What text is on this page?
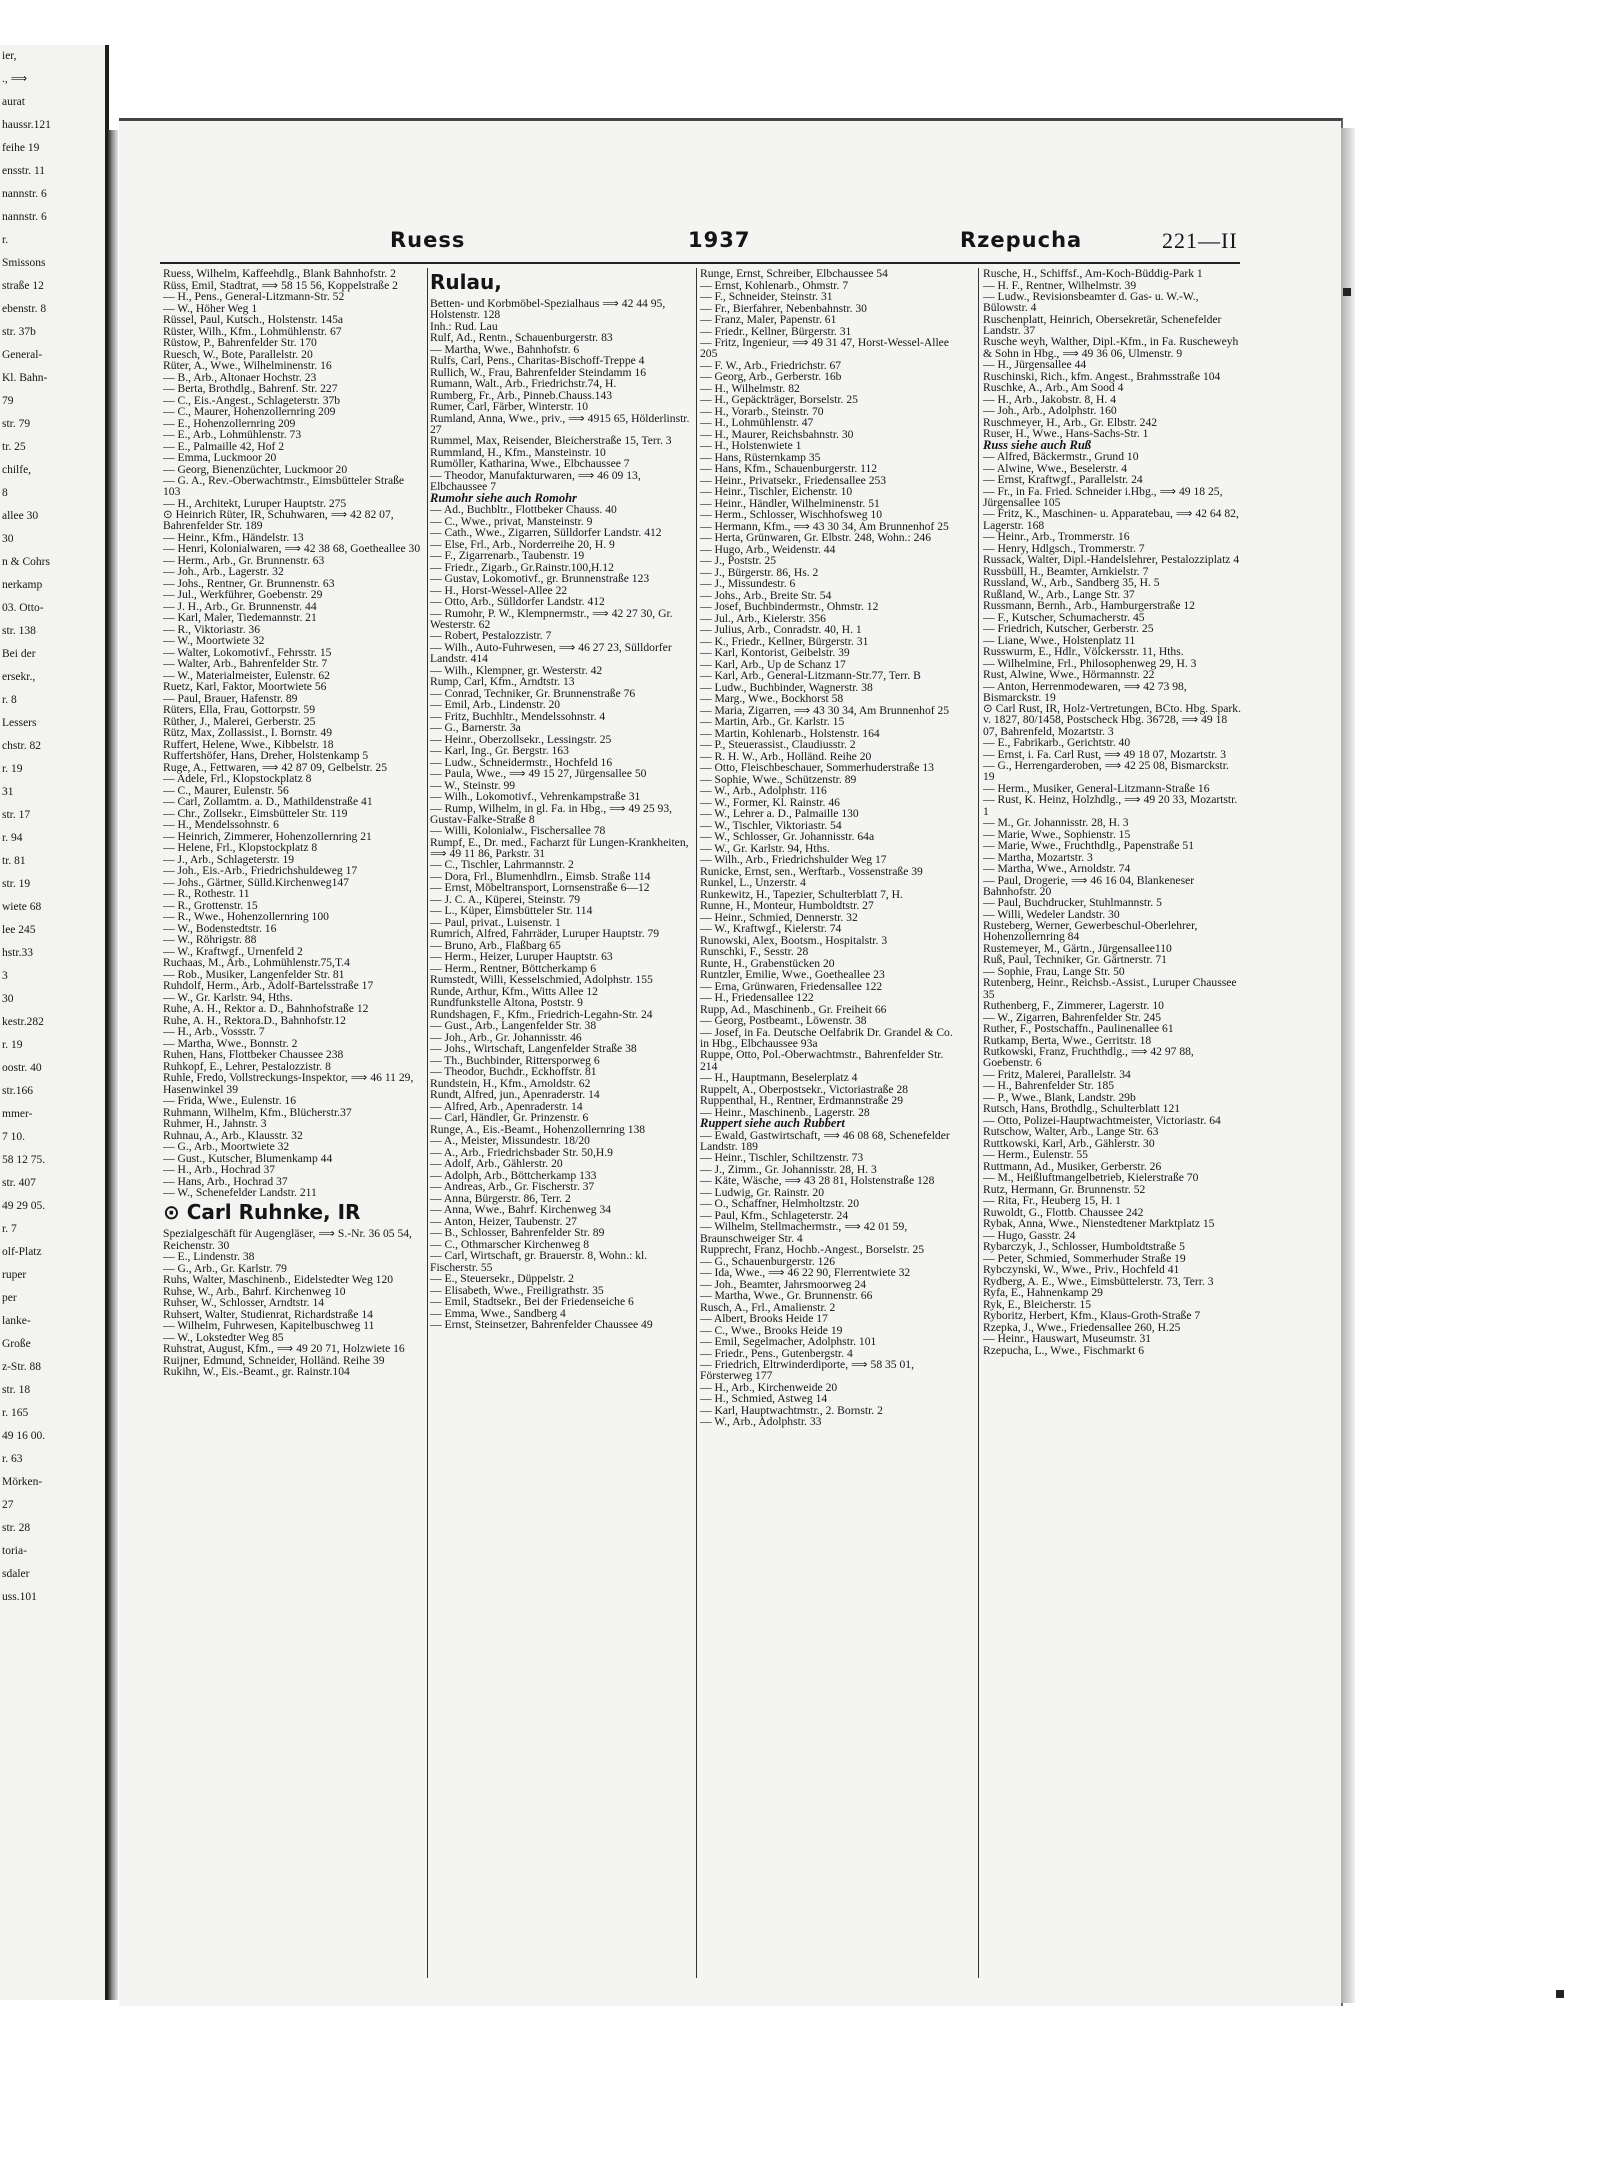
ier,
., ⟹
aurat
haussr.121
feihe 19
ensstr. 11
nannstr. 6
nannstr. 6
r.
Smissons
straße 12
ebenstr. 8
str. 37b
General-
Kl. Bahn-
79
str. 79
tr. 25
chilfe,
8
allee 30
30
n & Cohrs
nerkamp
03. Otto-
str. 138
Bei der
ersekr.,
r. 8
Lessers
chstr. 82
r. 19
31
str. 17
r. 94
tr. 81
str. 19
wiete 68
lee 245
hstr.33
3
30
kestr.282
r. 19
oostr. 40
str.166
mmer-
7 10.
58 12 75.
str. 407
49 29 05.
r. 7
olf-Platz
ruper
per
lanke-
Große
z-Str. 88
str. 18
r. 165
49 16 00.
r. 63
Mörken-
27
str. 28
toria-
sdaler
uss.101
Ruess	1937	Rzepucha	221—II
Ruess, Wilhelm, Kaffeehdlg., Blank Bahnhofstr. 2
Rüss, Emil, Stadtrat, ⟹ 58 15 56, Koppelstraße 2
— H., Pens., General-Litzmann-Str. 52
— W., Höher Weg 1
Rüssel, Paul, Kutsch., Holstenstr. 145a
Rüster, Wilh., Kfm., Lohmühlenstr. 67
Rüstow, P., Bahrenfelder Str. 170
Ruesch, W., Bote, Parallelstr. 20
Rüter, A., Wwe., Wilhelminenstr. 16
— B., Arb., Altonaer Hochstr. 23
— Berta, Brothdlg., Bahrenf. Str. 227
— C., Eis.-Angest., Schlageterstr. 37b
— C., Maurer, Hohenzollernring 209
— E., Hohenzollernring 209
— E., Arb., Lohmühlenstr. 73
— E., Palmaille 42, Hof 2
— Emma, Luckmoor 20
— Georg, Bienenzüchter, Luckmoor 20
— G. A., Rev.-Oberwachtmstr., Eimsbütteler Straße 103
— H., Architekt, Luruper Hauptstr. 275
⊙ Heinrich Rüter, IR, Schuhwaren, ⟹ 42 82 07, Bahrenfelder Str. 189
— Heinr., Kfm., Händelstr. 13
— Henri, Kolonialwaren, ⟹ 42 38 68, Goetheallee 30
— Herm., Arb., Gr. Brunnenstr. 63
— Joh., Arb., Lagerstr. 32
— Johs., Rentner, Gr. Brunnenstr. 63
— Jul., Werkführer, Goebenstr. 29
— J. H., Arb., Gr. Brunnenstr. 44
— Karl, Maler, Tiedemannstr. 21
— R., Viktoriastr. 36
— W., Moortwiete 32
— Walter, Lokomotivf., Fehrsstr. 15
— Walter, Arb., Bahrenfelder Str. 7
— W., Materialmeister, Eulenstr. 62
Ruetz, Karl, Faktor, Moortwiete 56
— Paul, Brauer, Hafenstr. 89
Rüters, Ella, Frau, Gottorpstr. 59
Rüther, J., Malerei, Gerberstr. 25
Rütz, Max, Zollassist., I. Bornstr. 49
Ruffert, Helene, Wwe., Kibbelstr. 18
Ruffertshöfer, Hans, Dreher, Holstenkamp 5
Ruge, A., Fettwaren, ⟹ 42 87 09, Gelbelstr. 25
— Adele, Frl., Klopstockplatz 8
— C., Maurer, Eulenstr. 56
— Carl, Zollamtm. a. D., Mathildenstraße 41
— Chr., Zollsekr., Eimsbütteler Str. 119
— H., Mendelssohnstr. 6
— Heinrich, Zimmerer, Hohenzollernring 21
— Helene, Frl., Klopstockplatz 8
— J., Arb., Schlageterstr. 19
— Joh., Eis.-Arb., Friedrichshuldeweg 17
— Johs., Gärtner, Sülld.Kirchenweg147
— R., Rothestr. 11
— R., Grottenstr. 15
— R., Wwe., Hohenzollernring 100
— W., Bodenstedtstr. 16
— W., Röhrigstr. 88
— W., Kraftwgf., Urnenfeld 2
Ruchaas, M., Arb., Lohmühlenstr.75,T.4
— Rob., Musiker, Langenfelder Str. 81
Ruhdolf, Herm., Arb., Adolf-Bartelsstraße 17
— W., Gr. Karlstr. 94, Hths.
Ruhe, A. H., Rektor a. D., Bahnhofstraße 12
Ruhe, A. H., Rektora.D., Bahnhofstr.12
— H., Arb., Vossstr. 7
— Martha, Wwe., Bonnstr. 2
Ruhen, Hans, Flottbeker Chaussee 238
Ruhkopf, E., Lehrer, Pestalozzistr. 8
Ruhle, Fredo, Vollstreckungs-Inspektor, ⟹ 46 11 29, Hasenwinkel 39
— Frida, Wwe., Eulenstr. 16
Ruhmann, Wilhelm, Kfm., Blücherstr.37
Ruhmer, H., Jahnstr. 3
Ruhnau, A., Arb., Klausstr. 32
— G., Arb., Moortwiete 32
— Gust., Kutscher, Blumenkamp 44
— H., Arb., Hochrad 37
— Hans, Arb., Hochrad 37
— W., Schenefelder Landstr. 211
⊙ Carl Ruhnke, IR
Spezialgeschäft für Augengläser, ⟹ S.-Nr. 36 05 54, Reichenstr. 30
— E., Lindenstr. 38
— G., Arb., Gr. Karlstr. 79
Ruhs, Walter, Maschinenb., Eidelstedter Weg 120
Ruhse, W., Arb., Bahrf. Kirchenweg 10
Ruhser, W., Schlosser, Arndtstr. 14
Ruhsert, Walter, Studienrat, Richardstraße 14
— Wilhelm, Fuhrwesen, Kapitelbuschweg 11
— W., Lokstedter Weg 85
Ruhstrat, August, Kfm., ⟹ 49 20 71, Holzwiete 16
Ruijner, Edmund, Schneider, Holländ. Reihe 39
Rukihn, W., Eis.-Beamt., gr. Rainstr.104
Rulau,
Betten- und Korbmöbel-Spezialhaus ⟹ 42 44 95, Holstenstr. 128
Inh.: Rud. Lau
Rulf, Ad., Rentn., Schauenburgerstr. 83
— Martha, Wwe., Bahnhofstr. 6
Rulfs, Carl, Pens., Charitas-Bischoff-Treppe 4
Rullich, W., Frau, Bahrenfelder Steindamm 16
Rumann, Walt., Arb., Friedrichstr.74, H.
Rumberg, Fr., Arb., Pinneb.Chauss.143
Rumer, Carl, Färber, Winterstr. 10
Rumland, Anna, Wwe., priv., ⟹ 4915 65, Hölderlinstr. 27
Rummel, Max, Reisender, Bleicherstraße 15, Terr. 3
Rummland, H., Kfm., Mansteinstr. 10
Rumöller, Katharina, Wwe., Elbchaussee 7
— Theodor, Manufakturwaren, ⟹ 46 09 13, Elbchaussee 7
Rumohr siehe auch Romohr
— Ad., Buchbltr., Flottbeker Chauss. 40
— C., Wwe., privat, Mansteinstr. 9
— Cath., Wwe., Zigarren, Sülldorfer Landstr. 412
— Else, Frl., Arb., Norderreihe 20, H. 9
— F., Zigarrenarb., Taubenstr. 19
— Friedr., Zigarb., Gr.Rainstr.100,H.12
— Gustav, Lokomotivf., gr. Brunnenstraße 123
— H., Horst-Wessel-Allee 22
— Otto, Arb., Sülldorfer Landstr. 412
— Rumohr, P. W., Klempnermstr., ⟹ 42 27 30, Gr. Westerstr. 62
— Robert, Pestalozzistr. 7
— Wilh., Auto-Fuhrwesen, ⟹ 46 27 23, Sülldorfer Landstr. 414
— Wilh., Klempner, gr. Westerstr. 42
Rump, Carl, Kfm., Arndtstr. 13
— Conrad, Techniker, Gr. Brunnenstraße 76
— Emil, Arb., Lindenstr. 20
— Fritz, Buchhltr., Mendelssohnstr. 4
— G., Barnerstr. 3a
— Heinr., Oberzollsekr., Lessingstr. 25
— Karl, Ing., Gr. Bergstr. 163
— Ludw., Schneidermstr., Hochfeld 16
— Paula, Wwe., ⟹ 49 15 27, Jürgensallee 50
— W., Steinstr. 99
— Wilh., Lokomotivf., Vehrenkampstraße 31
— Rump, Wilhelm, in gl. Fa. in Hbg., ⟹ 49 25 93, Gustav-Falke-Straße 8
— Willi, Kolonialw., Fischersallee 78
Rumpf, E., Dr. med., Facharzt für Lungen-Krankheiten, ⟹ 49 11 86, Parkstr. 31
— C., Tischler, Lahrmannstr. 2
— Dora, Frl., Blumenhdlrn., Eimsb. Straße 114
— Ernst, Möbeltransport, Lornsenstraße 6—12
— J. C. A., Küperei, Steinstr. 79
— L., Küper, Eimsbütteler Str. 114
— Paul, privat., Luisenstr. 1
Rumrich, Alfred, Fahrräder, Luruper Hauptstr. 79
— Bruno, Arb., Flaßbarg 65
— Herm., Heizer, Luruper Hauptstr. 63
— Herm., Rentner, Böttcherkamp 6
Rumstedt, Willi, Kesselschmied, Adolphstr. 155
Runde, Arthur, Kfm., Witts Allee 12
Rundfunkstelle Altona, Poststr. 9
Rundshagen, F., Kfm., Friedrich-Legahn-Str. 24
— Gust., Arb., Langenfelder Str. 38
— Joh., Arb., Gr. Johannisstr. 46
— Johs., Wirtschaft, Langenfelder Straße 38
— Th., Buchbinder, Rittersporweg 6
— Theodor, Buchdr., Eckhoffstr. 81
Rundstein, H., Kfm., Arnoldstr. 62
Rundt, Alfred, jun., Apenraderstr. 14
— Alfred, Arb., Apenraderstr. 14
— Carl, Händler, Gr. Prinzenstr. 6
Runge, A., Eis.-Beamt., Hohenzollernring 138
— A., Meister, Missundestr. 18/20
— A., Arb., Friedrichsbader Str. 50,H.9
— Adolf, Arb., Gählerstr. 20
— Adolph, Arb., Böttcherkamp 133
— Andreas, Arb., Gr. Fischerstr. 37
— Anna, Bürgerstr. 86, Terr. 2
— Anna, Wwe., Bahrf. Kirchenweg 34
— Anton, Heizer, Taubenstr. 27
— B., Schlosser, Bahrenfelder Str. 89
— C., Othmarscher Kirchenweg 8
— Carl, Wirtschaft, gr. Brauerstr. 8, Wohn.: kl. Fischerstr. 55
— E., Steuersekr., Düppelstr. 2
— Elisabeth, Wwe., Freiligrathstr. 35
— Emil, Stadtsekr., Bei der Friedenseiche 6
— Emma, Wwe., Sandberg 4
— Ernst, Steinsetzer, Bahrenfelder Chaussee 49
Runge, Ernst, Schreiber, Elbchaussee 54
— Ernst, Kohlenarb., Ohmstr. 7
— F., Schneider, Steinstr. 31
— Fr., Bierfahrer, Nebenbahnstr. 30
— Franz, Maler, Papenstr. 61
— Friedr., Kellner, Bürgerstr. 31
— Fritz, Ingenieur, ⟹ 49 31 47, Horst-Wessel-Allee 205
— F. W., Arb., Friedrichstr. 67
— Georg, Arb., Gerberstr. 16b
— H., Wilhelmstr. 82
— H., Gepäckträger, Borselstr. 25
— H., Vorarb., Steinstr. 70
— H., Lohmühlenstr. 47
— H., Maurer, Reichsbahnstr. 30
— H., Holstenwiete 1
— Hans, Rüsternkamp 35
— Hans, Kfm., Schauenburgerstr. 112
— Heinr., Privatsekr., Friedensallee 253
— Heinr., Tischler, Eichenstr. 10
— Heinr., Händler, Wilhelminenstr. 51
— Herm., Schlosser, Wischhofsweg 10
— Hermann, Kfm., ⟹ 43 30 34, Am Brunnenhof 25
— Herta, Grünwaren, Gr. Elbstr. 248, Wohn.: 246
— Hugo, Arb., Weidenstr. 44
— J., Poststr. 25
— J., Bürgerstr. 86, Hs. 2
— J., Missundestr. 6
— Johs., Arb., Breite Str. 54
— Josef, Buchbindermstr., Ohmstr. 12
— Jul., Arb., Kielerstr. 356
— Julius, Arb., Conradstr. 40, H. 1
— K., Friedr., Kellner, Bürgerstr. 31
— Karl, Kontorist, Geibelstr. 39
— Karl, Arb., Up de Schanz 17
— Karl, Arb., General-Litzmann-Str.77, Terr. B
— Ludw., Buchbinder, Wagnerstr. 38
— Marg., Wwe., Bockhorst 58
— Maria, Zigarren, ⟹ 43 30 34, Am Brunnenhof 25
— Martin, Arb., Gr. Karlstr. 15
— Martin, Kohlenarb., Holstenstr. 164
— P., Steuerassist., Claudiusstr. 2
— R. H. W., Arb., Holländ. Reihe 20
— Otto, Fleischbeschauer, Sommerhuderstraße 13
— Sophie, Wwe., Schützenstr. 89
— W., Arb., Adolphstr. 116
— W., Former, Kl. Rainstr. 46
— W., Lehrer a. D., Palmaille 130
— W., Tischler, Viktoriastr. 54
— W., Schlosser, Gr. Johannisstr. 64a
— W., Gr. Karlstr. 94, Hths.
— Wilh., Arb., Friedrichshulder Weg 17
Runicke, Ernst, sen., Werftarb., Vossenstraße 39
Runkel, L., Unzerstr. 4
Runkewitz, H., Tapezier, Schulterblatt 7, H.
Runne, H., Monteur, Humboldtstr. 27
— Heinr., Schmied, Dennerstr. 32
— W., Kraftwgf., Kielerstr. 74
Runowski, Alex, Bootsm., Hospitalstr. 3
Runschki, F., Sesstr. 28
Runte, H., Grabenstücken 20
Runtzler, Emilie, Wwe., Goetheallee 23
— Erna, Grünwaren, Friedensallee 122
— H., Friedensallee 122
Rupp, Ad., Maschinenb., Gr. Freiheit 66
— Georg, Postbeamt., Löwenstr. 38
— Josef, in Fa. Deutsche Oelfabrik Dr. Grandel & Co. in Hbg., Elbchaussee 93a
Ruppe, Otto, Pol.-Oberwachtmstr., Bahrenfelder Str. 214
— H., Hauptmann, Beselerplatz 4
Ruppelt, A., Oberpostsekr., Victoriastraße 28
Ruppenthal, H., Rentner, Erdmannstraße 29
— Heinr., Maschinenb., Lagerstr. 28
Ruppert siehe auch Rubbert
— Ewald, Gastwirtschaft, ⟹ 46 08 68, Schenefelder Landstr. 189
— Heinr., Tischler, Schiltzenstr. 73
— J., Zimm., Gr. Johannisstr. 28, H. 3
— Käte, Wäsche, ⟹ 43 28 81, Holstenstraße 128
— Ludwig, Gr. Rainstr. 20
— O., Schaffner, Helmholtzstr. 20
— Paul, Kfm., Schlageterstr. 24
— Wilhelm, Stellmachermstr., ⟹ 42 01 59, Braunschweiger Str. 4
Rupprecht, Franz, Hochb.-Angest., Borselstr. 25
— G., Schauenburgerstr. 126
— Ida, Wwe., ⟹ 46 22 90, Flerrentwiete 32
— Joh., Beamter, Jahrsmoorweg 24
— Martha, Wwe., Gr. Brunnenstr. 66
Rusch, A., Frl., Amalienstr. 2
— Albert, Brooks Heide 17
— C., Wwe., Brooks Heide 19
— Emil, Segelmacher, Adolphstr. 101
— Friedr., Pens., Gutenbergstr. 4
— Friedrich, Eltrwinderdiporte, ⟹ 58 35 01, Försterweg 177
— H., Arb., Kirchenweide 20
— H., Schmied, Astweg 14
— Karl, Hauptwachtmstr., 2. Bornstr. 2
— W., Arb., Adolphstr. 33
Rusche, H., Schiffsf., Am-Koch-Büddig-Park 1
— H. F., Rentner, Wilhelmstr. 39
— Ludw., Revisionsbeamter d. Gas- u. W.-W., Bülowstr. 4
Ruschenplatt, Heinrich, Obersekretär, Schenefelder Landstr. 37
Rusche weyh, Walther, Dipl.-Kfm., in Fa. Ruscheweyh & Sohn in Hbg., ⟹ 49 36 06, Ulmenstr. 9
— H., Jürgensallee 44
Ruschinski, Rich., kfm. Angest., Brahmsstraße 104
Ruschke, A., Arb., Am Sood 4
— H., Arb., Jakobstr. 8, H. 4
— Joh., Arb., Adolphstr. 160
Ruschmeyer, H., Arb., Gr. Elbstr. 242
Ruser, H., Wwe., Hans-Sachs-Str. 1
Russ siehe auch Ruß
— Alfred, Bäckermstr., Grund 10
— Alwine, Wwe., Beselerstr. 4
— Ernst, Kraftwgf., Parallelstr. 24
— Fr., in Fa. Fried. Schneider i.Hbg., ⟹ 49 18 25, Jürgensallee 105
— Fritz, K., Maschinen- u. Apparatebau, ⟹ 42 64 82, Lagerstr. 168
— Heinr., Arb., Trommerstr. 16
— Henry, Hdlgsch., Trommerstr. 7
Russack, Walter, Dipl.-Handelslehrer, Pestalozziplatz 4
Russbüll, H., Beamter, Arnkielstr. 7
Russland, W., Arb., Sandberg 35, H. 5
Rußland, W., Arb., Lange Str. 37
Russmann, Bernh., Arb., Hamburgerstraße 12
— F., Kutscher, Schumacherstr. 45
— Friedrich, Kutscher, Gerberstr. 25
— Liane, Wwe., Holstenplatz 11
Russwurm, E., Hdlr., Völckersstr. 11, Hths.
— Wilhelmine, Frl., Philosophenweg 29, H. 3
Rust, Alwine, Wwe., Hörmannstr. 22
— Anton, Herrenmodewaren, ⟹ 42 73 98, Bismarckstr. 19
⊙ Carl Rust, IR, Holz-Vertretungen, BCto. Hbg. Spark. v. 1827, 80/1458, Postscheck Hbg. 36728, ⟹ 49 18 07, Bahrenfeld, Mozartstr. 3
— E., Fabrikarb., Gerichtstr. 40
— Ernst, i. Fa. Carl Rust, ⟹ 49 18 07, Mozartstr. 3
— G., Herrengarderoben, ⟹ 42 25 08, Bismarckstr. 19
— Herm., Musiker, General-Litzmann-Straße 16
— Rust, K. Heinz, Holzhdlg., ⟹ 49 20 33, Mozartstr. 1
— M., Gr. Johannisstr. 28, H. 3
— Marie, Wwe., Sophienstr. 15
— Marie, Wwe., Fruchthdlg., Papenstraße 51
— Martha, Mozartstr. 3
— Martha, Wwe., Arnoldstr. 74
— Paul, Drogerie, ⟹ 46 16 04, Blankeneser Bahnhofstr. 20
— Paul, Buchdrucker, Stuhlmannstr. 5
— Willi, Wedeler Landstr. 30
Rusteberg, Werner, Gewerbeschul-Oberlehrer, Hohenzollernring 84
Rustemeyer, M., Gärtn., Jürgensallee110
Ruß, Paul, Techniker, Gr. Gärtnerstr. 71
— Sophie, Frau, Lange Str. 50
Rutenberg, Heinr., Reichsb.-Assist., Luruper Chaussee 35
Ruthenberg, F., Zimmerer, Lagerstr. 10
— W., Zigarren, Bahrenfelder Str. 245
Ruther, F., Postschaffn., Paulinenallee 61
Rutkamp, Berta, Wwe., Gerritstr. 18
Rutkowski, Franz, Fruchthdlg., ⟹ 42 97 88, Goebenstr. 6
— Fritz, Malerei, Parallelstr. 34
— H., Bahrenfelder Str. 185
— P., Wwe., Blank, Landstr. 29b
Rutsch, Hans, Brothdlg., Schulterblatt 121
— Otto, Polizei-Hauptwachtmeister, Victoriastr. 64
Rutschow, Walter, Arb., Lange Str. 63
Ruttkowski, Karl, Arb., Gählerstr. 30
— Herm., Eulenstr. 55
Ruttmann, Ad., Musiker, Gerberstr. 26
— M., Heißluftmangelbetrieb, Kielerstraße 70
Rutz, Hermann, Gr. Brunnenstr. 52
— Rita, Fr., Heuberg 15, H. 1
Ruwoldt, G., Flottb. Chaussee 242
Rybak, Anna, Wwe., Nienstedtener Marktplatz 15
— Hugo, Gasstr. 24
Rybarczyk, J., Schlosser, Humboldtstraße 5
— Peter, Schmied, Sommerhuder Straße 19
Rybczynski, W., Wwe., Priv., Hochfeld 41
Rydberg, A. E., Wwe., Eimsbüttelerstr. 73, Terr. 3
Ryfa, E., Hahnenkamp 29
Ryk, E., Bleicherstr. 15
Ryboritz, Herbert, Kfm., Klaus-Groth-Straße 7
Rzepka, J., Wwe., Friedensallee 260, H.25
— Heinr., Hauswart, Museumstr. 31
Rzepucha, L., Wwe., Fischmarkt 6
